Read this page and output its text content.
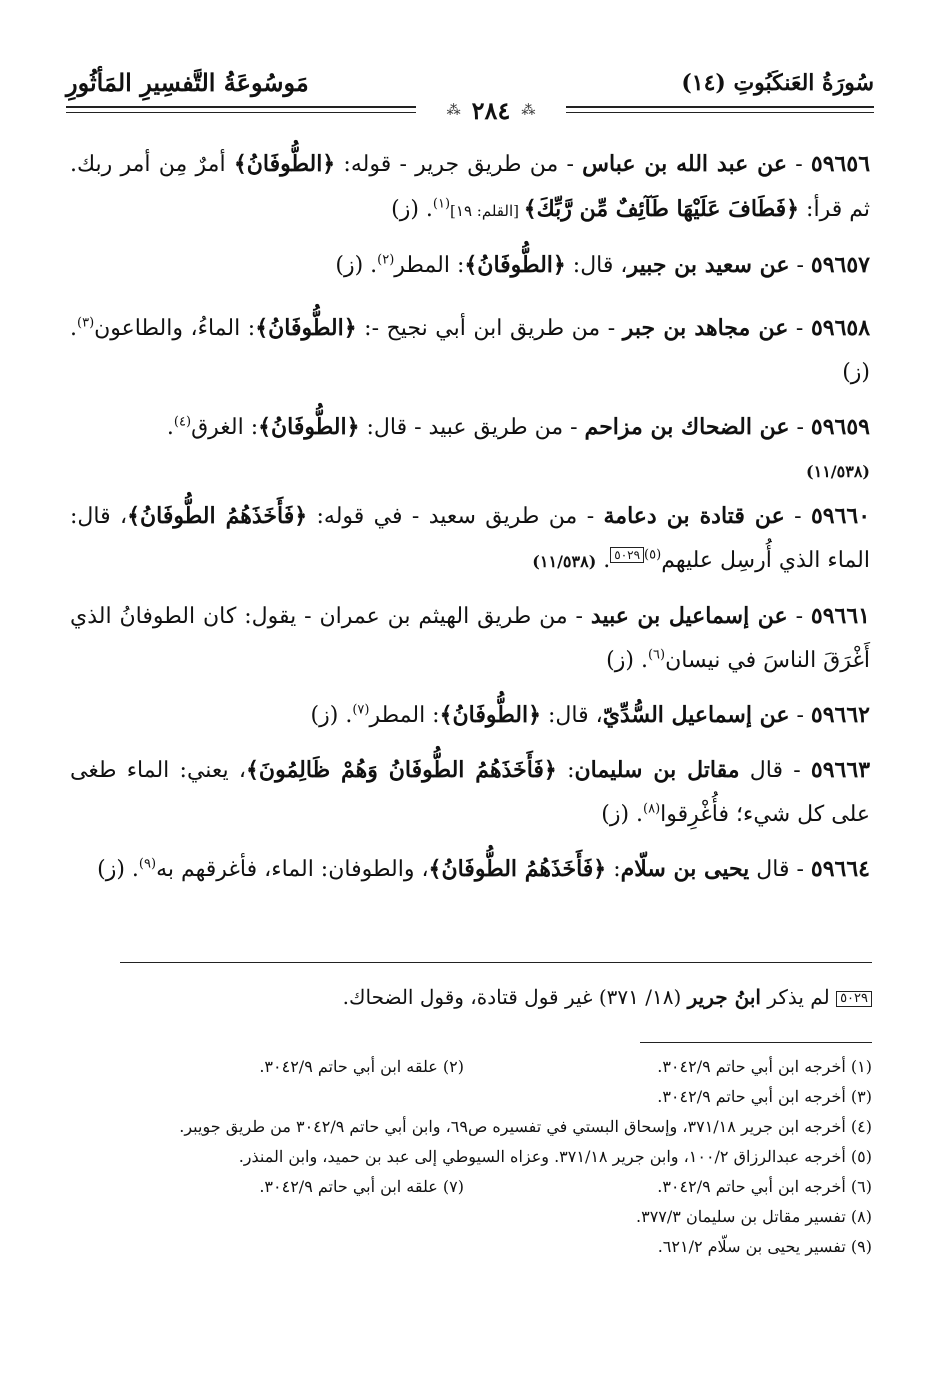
سُورَةُ العَنكَبُوتِ (١٤)
مَوسُوعَةُ التَّفسِيرِ المَأثُورِ
⁂ ٢٨٤ ⁂

٥٩٦٥٦ - عن عبد الله بن عباس - من طريق جرير - قوله: ﴿الطُّوفَانُ﴾ أمرٌ مِن أمر ربك. ثم قرأ: ﴿فَطَافَ عَلَيْهَا طَآئِفٌ مِّن رَّبِّكَ﴾ [القلم: ١٩]$^{(١)}$. (ز)

٥٩٦٥٧ - عن سعيد بن جبير، قال: ﴿الطُّوفَانُ﴾: المطر$^{(٢)}$. (ز)

٥٩٦٥٨ - عن مجاهد بن جبر - من طريق ابن أبي نجيح -: ﴿الطُّوفَانُ﴾: الماءُ، والطاعون$^{(٣)}$. (ز)

٥٩٦٥٩ - عن الضحاك بن مزاحم - من طريق عبيد - قال: ﴿الطُّوفَانُ﴾: الغرق$^{(٤)}$.

(١١/٥٣٨)

٥٩٦٦٠ - عن قتادة بن دعامة - من طريق سعيد - في قوله: ﴿فَأَخَذَهُمُ الطُّوفَانُ﴾، قال: الماء الذي أُرسِل عليهم$^{(٥)}$٥٠٢٩. (١١/٥٣٨)

٥٩٦٦١ - عن إسماعيل بن عبيد - من طريق الهيثم بن عمران - يقول: كان الطوفانُ الذي أَغْرَقَ الناسَ في نيسان$^{(٦)}$. (ز)

٥٩٦٦٢ - عن إسماعيل السُّدِّيّ، قال: ﴿الطُّوفَانُ﴾: المطر$^{(٧)}$. (ز)

٥٩٦٦٣ - قال مقاتل بن سليمان: ﴿فَأَخَذَهُمُ الطُّوفَانُ وَهُمْ ظَالِمُونَ﴾، يعني: الماء طغى على كل شيء؛ فأُغْرِقوا$^{(٨)}$. (ز)

٥٩٦٦٤ - قال يحيى بن سلّام: ﴿فَأَخَذَهُمُ الطُّوفَانُ﴾، والطوفان: الماء، فأغرقهم به$^{(٩)}$. (ز)

٥٠٢٩ لم يذكر ابنُ جرير (١٨/ ٣٧١) غير قول قتادة، وقول الضحاك.
(١) أخرجه ابن أبي حاتم ٣٠٤٢/٩.
(٢) علقه ابن أبي حاتم ٣٠٤٢/٩.
(٣) أخرجه ابن أبي حاتم ٣٠٤٢/٩.
(٤) أخرجه ابن جرير ٣٧١/١٨، وإسحاق البستي في تفسيره ص٦٩، وابن أبي حاتم ٣٠٤٢/٩ من طريق جويبر.
(٥) أخرجه عبدالرزاق ١٠٠/٢، وابن جرير ٣٧١/١٨. وعزاه السيوطي إلى عبد بن حميد، وابن المنذر.
(٦) أخرجه ابن أبي حاتم ٣٠٤٢/٩.
(٧) علقه ابن أبي حاتم ٣٠٤٢/٩.
(٨) تفسير مقاتل بن سليمان ٣٧٧/٣.
(٩) تفسير يحيى بن سلّام ٦٢١/٢.
